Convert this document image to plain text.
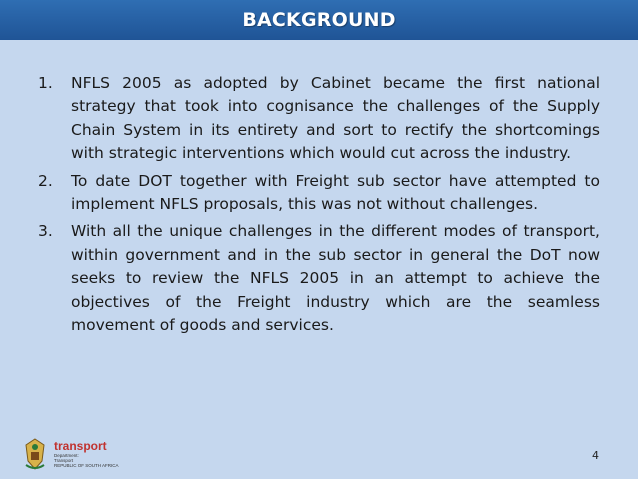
BACKGROUND
1. NFLS 2005 as adopted by Cabinet became the first national strategy that took into cognisance the challenges of the Supply Chain System in its entirety and sort to rectify the shortcomings with strategic interventions which would cut across the industry.
2. To date DOT together with Freight sub sector have attempted to implement NFLS proposals, this was not without challenges.
3. With all the unique challenges in the different modes of transport, within government and in the sub sector in general the DoT now seeks to review the NFLS 2005 in an attempt to achieve the objectives of the Freight industry which are the seamless movement of goods and services.
transport
Department:
Transport
REPUBLIC OF SOUTH AFRICA
4
